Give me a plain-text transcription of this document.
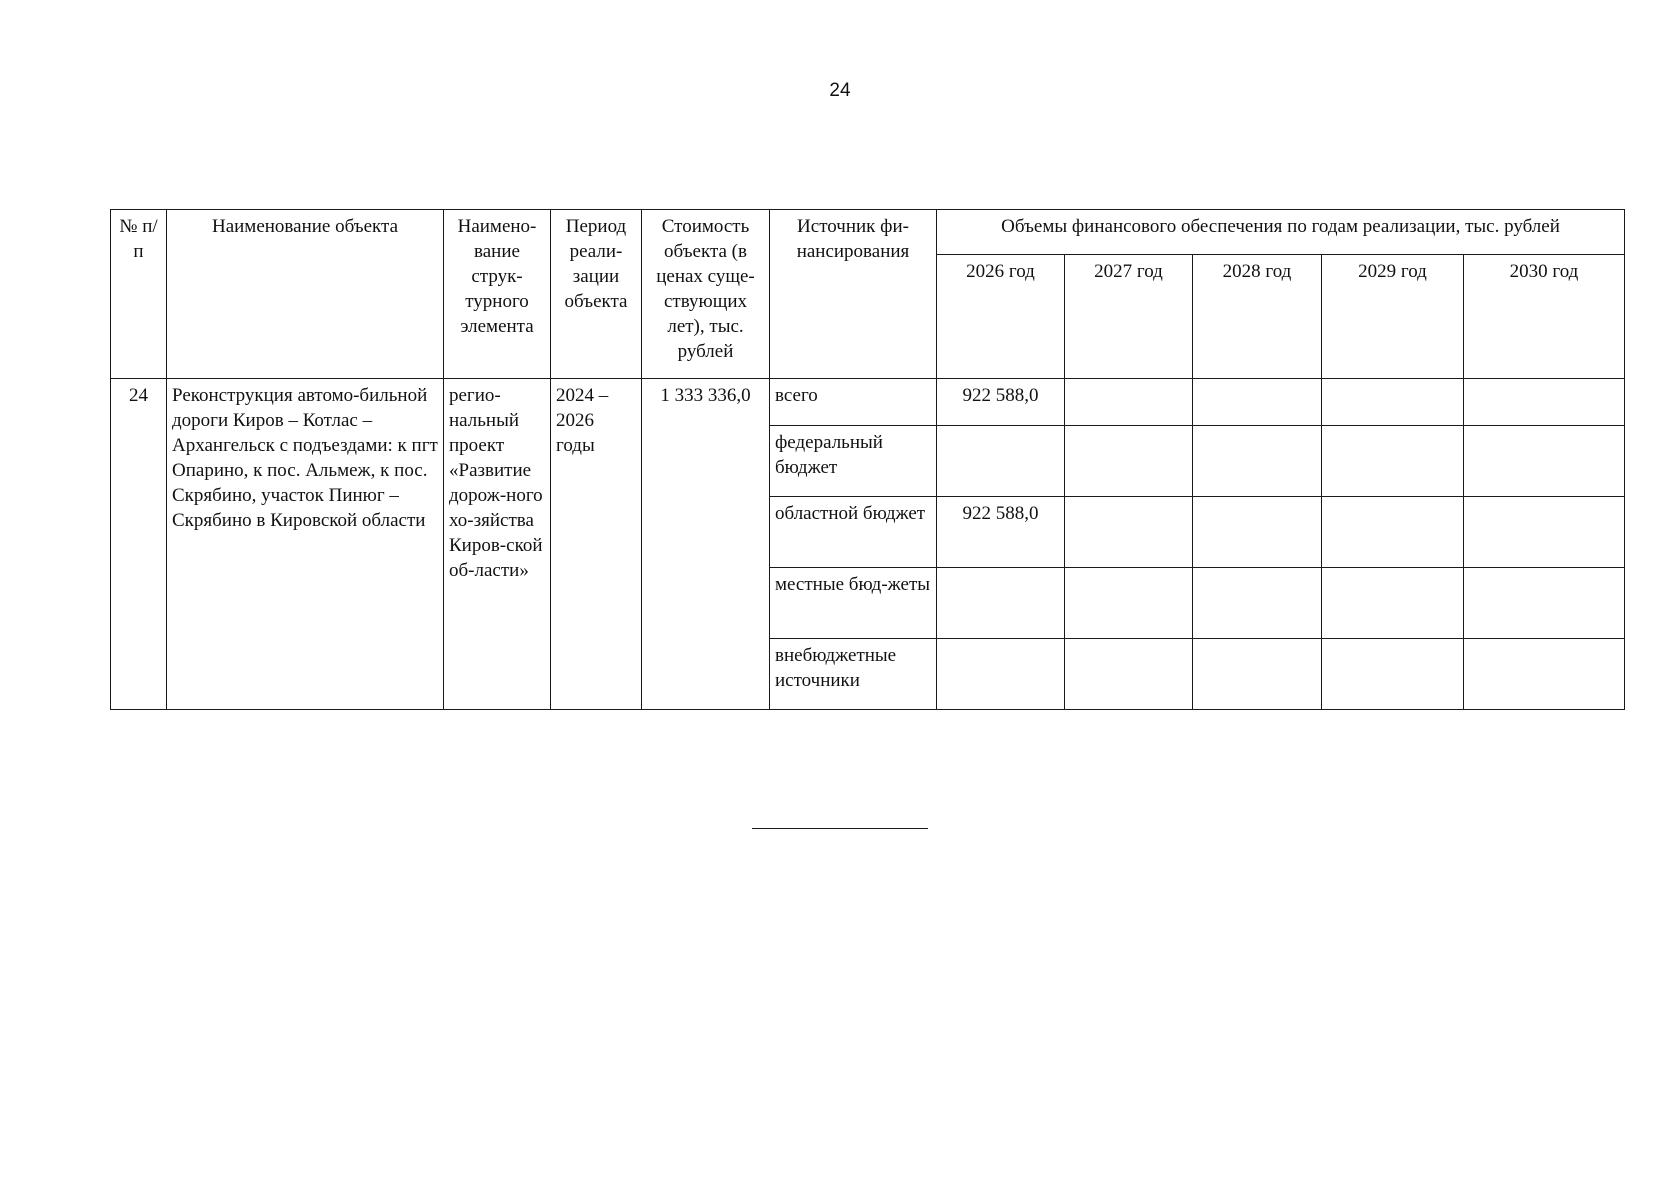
24
№ п/п	Наименование объекта	Наимено-вание струк-турного элемента	Период реали-зации объекта	Стоимость объекта (в ценах суще-ствующих лет), тыс. рублей	Источник фи-нансирования	Объемы финансового обеспечения по годам реализации, тыс. рублей				
						2026 год	2027 год	2028 год	2029 год	2030 год
24	Реконструкция автомо-бильной дороги Киров – Котлас – Архангельск с подъездами: к пгт Опарино, к пос. Альмеж, к пос. Скрябино, участок Пинюг – Скрябино в Кировской области	регио-нальный проект «Развитие дорож-ного хо-зяйства Киров-ской об-ласти»	2024 – 2026 годы	1 333 336,0	всего	922 588,0				
					федеральный бюджет					
					областной бюджет	922 588,0				
					местные бюд-жеты					
					внебюджетные источники					
